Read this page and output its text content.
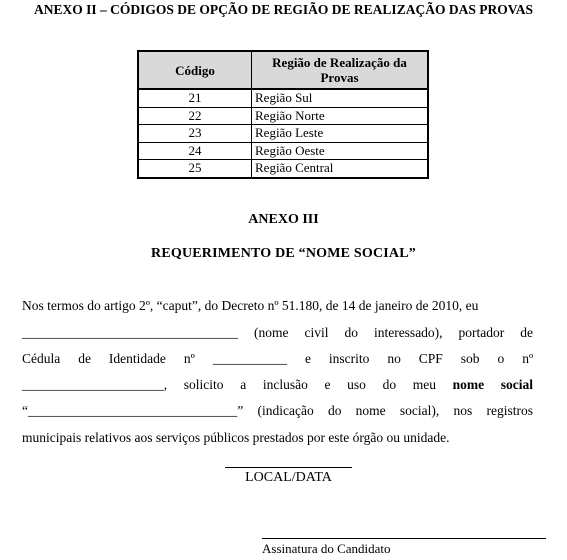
ANEXO II – CÓDIGOS DE OPÇÃO DE REGIÃO DE REALIZAÇÃO DAS PROVAS
Código	Região de Realização da Provas
21	Região Sul
22	Região Norte
23	Região Leste
24	Região Oeste
25	Região Central
ANEXO III
REQUERIMENTO DE “NOME SOCIAL”
Nos termos do artigo 2º, “caput”, do Decreto nº 51.180, de 14 de janeiro de 2010, eu
________________________________ (nome civil do interessado), portador de
Cédula de Identidade nº ___________ e inscrito no CPF sob o nº
_____________________, solicito a inclusão e uso do meu nome social
“_______________________________” (indicação do nome social), nos registros
municipais relativos aos serviços públicos prestados por este órgão ou unidade.
LOCAL/DATA
Assinatura do Candidato
